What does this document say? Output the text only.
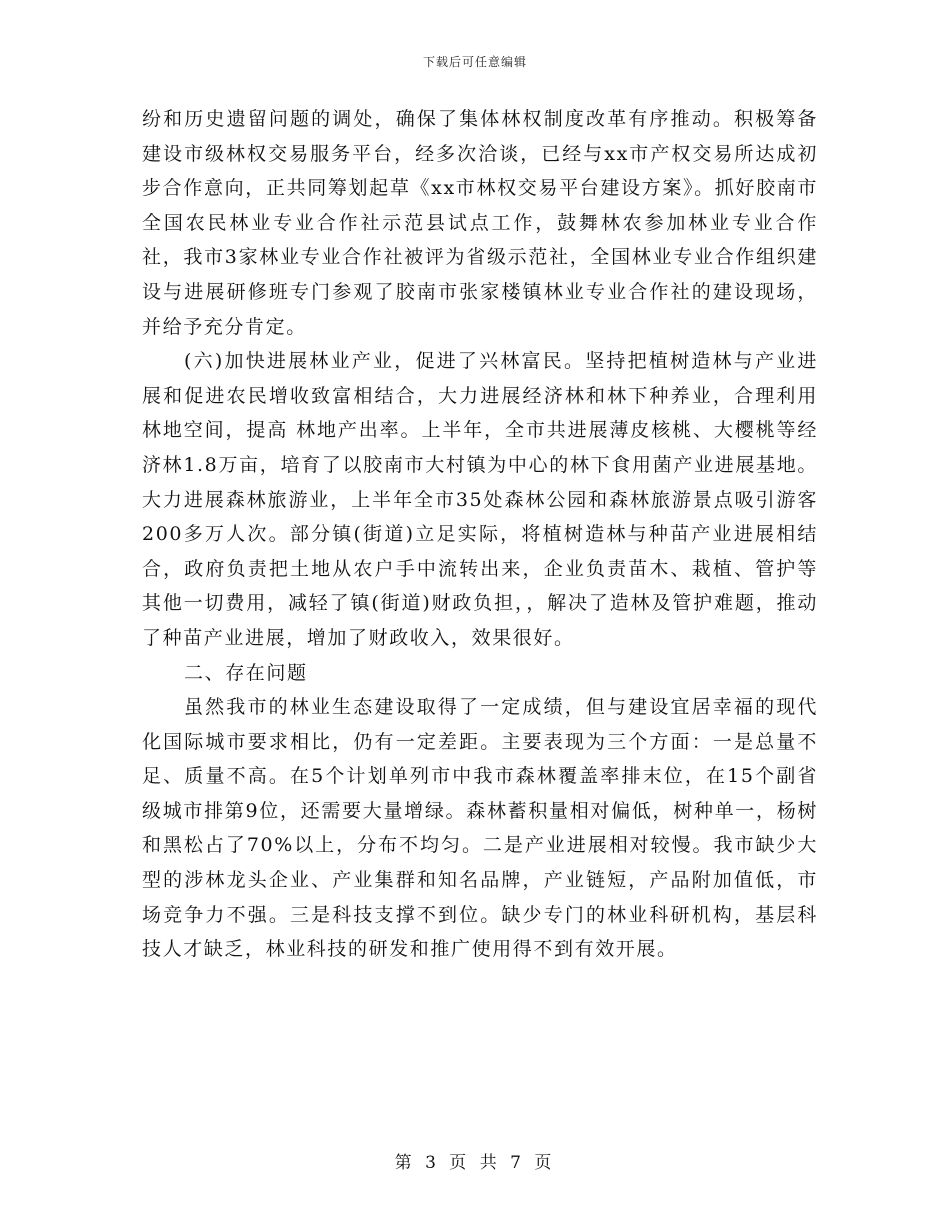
下载后可任意编辑

纷和历史遗留问题的调处，确保了集体林权制度改革有序推动。积极筹备建设市级林权交易服务平台，经多次洽谈，已经与xx市产权交易所达成初步合作意向，正共同筹划起草《xx市林权交易平台建设方案》。抓好胶南市全国农民林业专业合作社示范县试点工作，鼓舞林农参加林业专业合作社，我市3家林业专业合作社被评为省级示范社，全国林业专业合作组织建设与进展研修班专门参观了胶南市张家楼镇林业专业合作社的建设现场，并给予充分肯定。

(六)加快进展林业产业，促进了兴林富民。坚持把植树造林与产业进展和促进农民增收致富相结合，大力进展经济林和林下种养业，合理利用林地空间，提高 林地产出率。上半年，全市共进展薄皮核桃、大樱桃等经济林1.8万亩，培育了以胶南市大村镇为中心的林下食用菌产业进展基地。大力进展森林旅游业，上半年全市35处森林公园和森林旅游景点吸引游客200多万人次。部分镇(街道)立足实际，将植树造林与种苗产业进展相结合，政府负责把土地从农户手中流转出来，企业负责苗木、栽植、管护等其他一切费用，减轻了镇(街道)财政负担，，解决了造林及管护难题，推动了种苗产业进展，增加了财政收入，效果很好。

二、存在问题

虽然我市的林业生态建设取得了一定成绩，但与建设宜居幸福的现代化国际城市要求相比，仍有一定差距。主要表现为三个方面：一是总量不足、质量不高。在5个计划单列市中我市森林覆盖率排末位，在15个副省级城市排第9位，还需要大量增绿。森林蓄积量相对偏低，树种单一，杨树和黑松占了70%以上，分布不均匀。二是产业进展相对较慢。我市缺少大型的涉林龙头企业、产业集群和知名品牌，产业链短，产品附加值低，市场竞争力不强。三是科技支撑不到位。缺少专门的林业科研机构，基层科技人才缺乏，林业科技的研发和推广使用得不到有效开展。

第 3 页 共 7 页
